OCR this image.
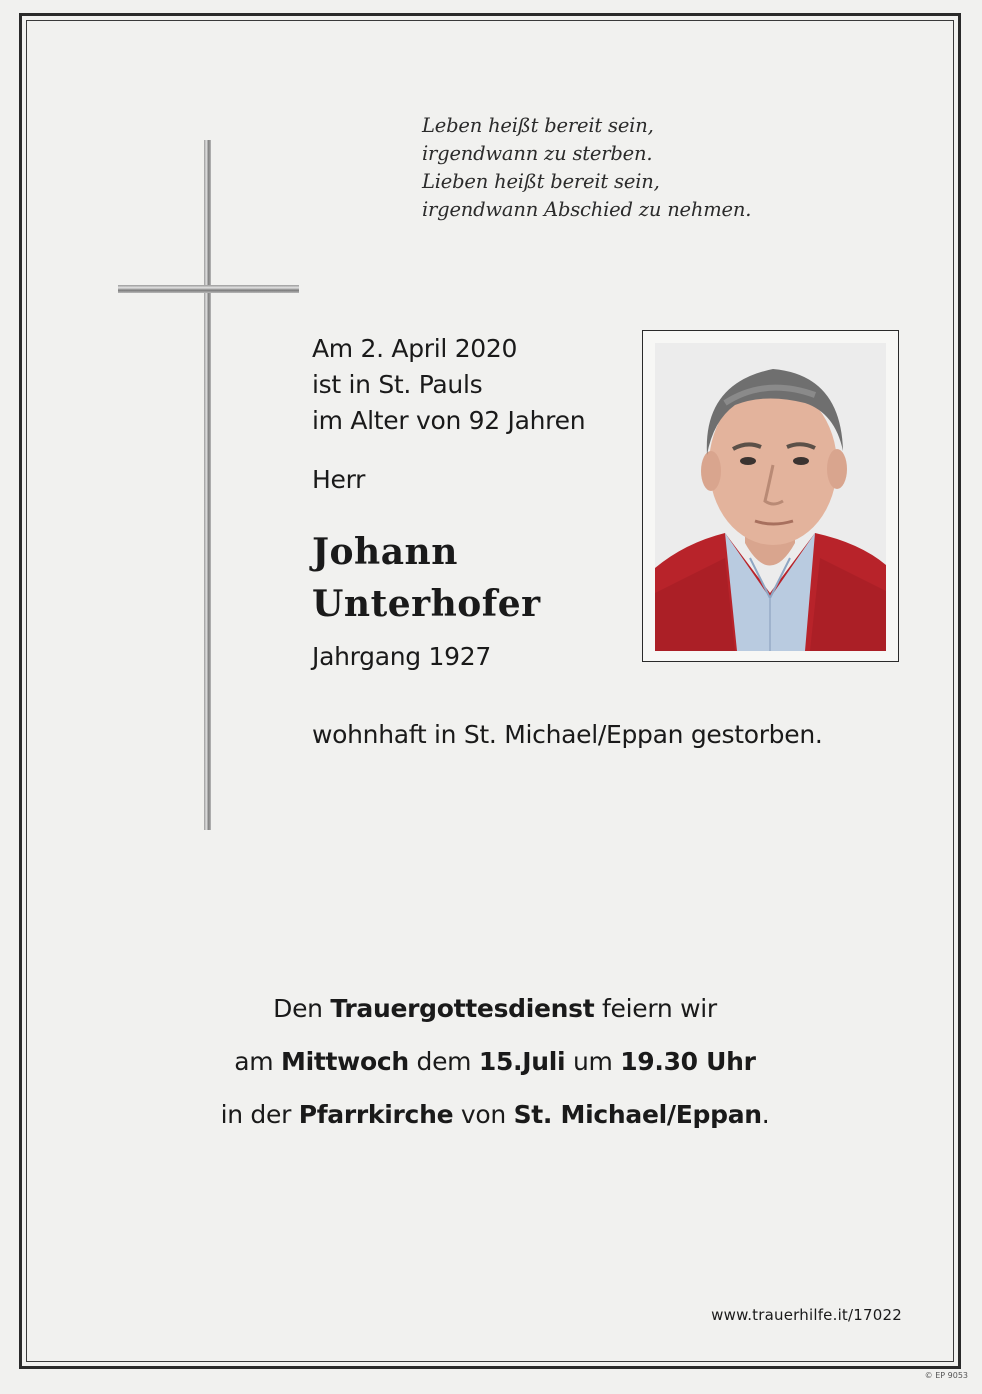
Leben heißt bereit sein,
irgendwann zu sterben.
Lieben heißt bereit sein,
irgendwann Abschied zu nehmen.
Am 2. April 2020
ist in St. Pauls
im Alter von 92 Jahren
Herr
Johann
Unterhofer
Jahrgang 1927
wohnhaft in St. Michael/Eppan gestorben.
Den Trauergottesdienst feiern wir
am Mittwoch dem 15.Juli um 19.30 Uhr
in der Pfarrkirche von St. Michael/Eppan.
www.trauerhilfe.it/17022
© EP 9053
